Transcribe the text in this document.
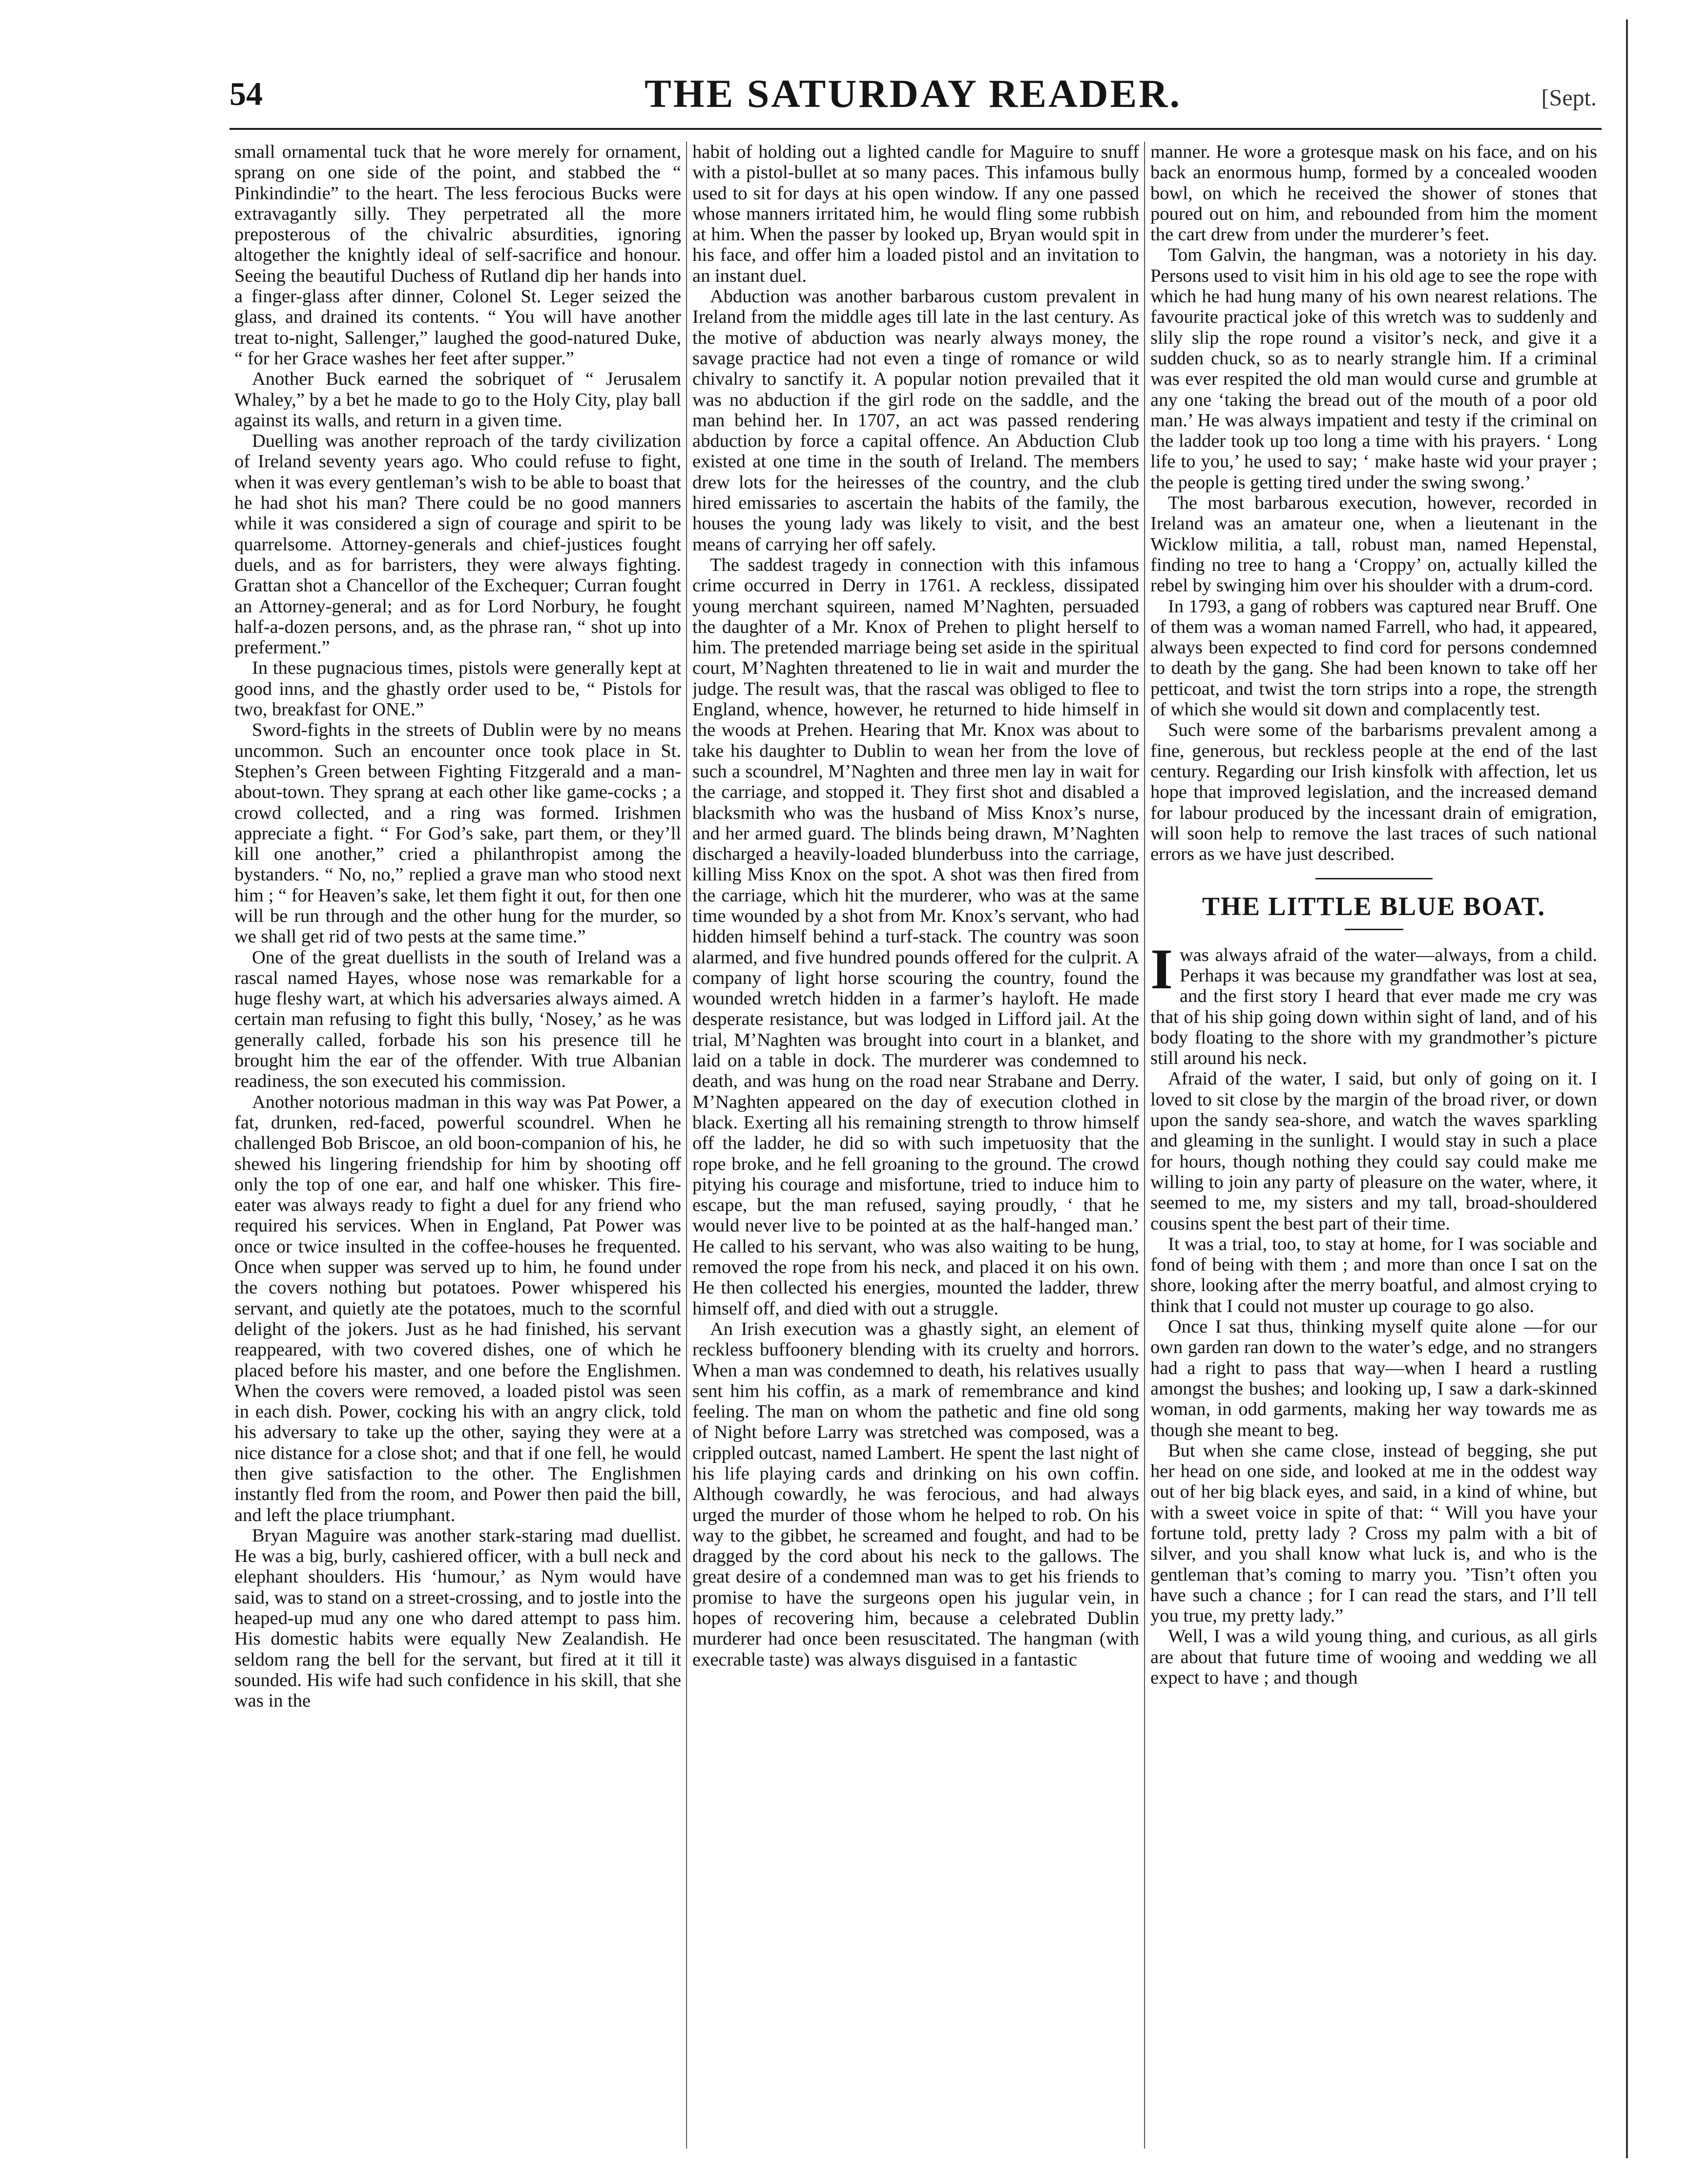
54	THE SATURDAY READER.	[Sept.

small ornamental tuck that he wore merely for ornament, sprang on one side of the point, and stabbed the “ Pinkindindie” to the heart. The less ferocious Bucks were extravagantly silly. They perpetrated all the more preposterous of the chivalric absurdities, ignoring altogether the knightly ideal of self-sacrifice and honour. Seeing the beautiful Duchess of Rutland dip her hands into a finger-glass after dinner, Colonel St. Leger seized the glass, and drained its contents. “ You will have another treat to-night, Sallenger,” laughed the good-natured Duke, “ for her Grace washes her feet after supper.”

Another Buck earned the sobriquet of “ Jerusalem Whaley,” by a bet he made to go to the Holy City, play ball against its walls, and return in a given time.

Duelling was another reproach of the tardy civilization of Ireland seventy years ago. Who could refuse to fight, when it was every gentleman’s wish to be able to boast that he had shot his man? There could be no good manners while it was considered a sign of courage and spirit to be quarrelsome. Attorney-generals and chief-justices fought duels, and as for barristers, they were always fighting. Grattan shot a Chancellor of the Exchequer; Curran fought an Attorney-general; and as for Lord Norbury, he fought half-a-dozen persons, and, as the phrase ran, “ shot up into preferment.”

In these pugnacious times, pistols were generally kept at good inns, and the ghastly order used to be, “ Pistols for two, breakfast for ONE.”

Sword-fights in the streets of Dublin were by no means uncommon. Such an encounter once took place in St. Stephen’s Green between Fighting Fitzgerald and a man-about-town. They sprang at each other like game-cocks ; a crowd collected, and a ring was formed. Irishmen appreciate a fight. “ For God’s sake, part them, or they’ll kill one another,” cried a philanthropist among the bystanders. “ No, no,” replied a grave man who stood next him ; “ for Heaven’s sake, let them fight it out, for then one will be run through and the other hung for the murder, so we shall get rid of two pests at the same time.”

One of the great duellists in the south of Ireland was a rascal named Hayes, whose nose was remarkable for a huge fleshy wart, at which his adversaries always aimed. A certain man refusing to fight this bully, ‘Nosey,’ as he was generally called, forbade his son his presence till he brought him the ear of the offender. With true Albanian readiness, the son executed his commission.

Another notorious madman in this way was Pat Power, a fat, drunken, red-faced, powerful scoundrel. When he challenged Bob Briscoe, an old boon-companion of his, he shewed his lingering friendship for him by shooting off only the top of one ear, and half one whisker. This fire-eater was always ready to fight a duel for any friend who required his services. When in England, Pat Power was once or twice insulted in the coffee-houses he frequented. Once when supper was served up to him, he found under the covers nothing but potatoes. Power whispered his servant, and quietly ate the potatoes, much to the scornful delight of the jokers. Just as he had finished, his servant reappeared, with two covered dishes, one of which he placed before his master, and one before the Englishmen. When the covers were removed, a loaded pistol was seen in each dish. Power, cocking his with an angry click, told his adversary to take up the other, saying they were at a nice distance for a close shot; and that if one fell, he would then give satisfaction to the other. The Englishmen instantly fled from the room, and Power then paid the bill, and left the place triumphant.

Bryan Maguire was another stark-staring mad duellist. He was a big, burly, cashiered officer, with a bull neck and elephant shoulders. His ‘humour,’ as Nym would have said, was to stand on a street-crossing, and to jostle into the heaped-up mud any one who dared attempt to pass him. His domestic habits were equally New Zealandish. He seldom rang the bell for the servant, but fired at it till it sounded. His wife had such confidence in his skill, that she was in the

habit of holding out a lighted candle for Maguire to snuff with a pistol-bullet at so many paces. This infamous bully used to sit for days at his open window. If any one passed whose manners irritated him, he would fling some rubbish at him. When the passer by looked up, Bryan would spit in his face, and offer him a loaded pistol and an invitation to an instant duel.

Abduction was another barbarous custom prevalent in Ireland from the middle ages till late in the last century. As the motive of abduction was nearly always money, the savage practice had not even a tinge of romance or wild chivalry to sanctify it. A popular notion prevailed that it was no abduction if the girl rode on the saddle, and the man behind her. In 1707, an act was passed rendering abduction by force a capital offence. An Abduction Club existed at one time in the south of Ireland. The members drew lots for the heiresses of the country, and the club hired emissaries to ascertain the habits of the family, the houses the young lady was likely to visit, and the best means of carrying her off safely.

The saddest tragedy in connection with this infamous crime occurred in Derry in 1761. A reckless, dissipated young merchant squireen, named M’Naghten, persuaded the daughter of a Mr. Knox of Prehen to plight herself to him. The pretended marriage being set aside in the spiritual court, M’Naghten threatened to lie in wait and murder the judge. The result was, that the rascal was obliged to flee to England, whence, however, he returned to hide himself in the woods at Prehen. Hearing that Mr. Knox was about to take his daughter to Dublin to wean her from the love of such a scoundrel, M’Naghten and three men lay in wait for the carriage, and stopped it. They first shot and disabled a blacksmith who was the husband of Miss Knox’s nurse, and her armed guard. The blinds being drawn, M’Naghten discharged a heavily-loaded blunderbuss into the carriage, killing Miss Knox on the spot. A shot was then fired from the carriage, which hit the murderer, who was at the same time wounded by a shot from Mr. Knox’s servant, who had hidden himself behind a turf-stack. The country was soon alarmed, and five hundred pounds offered for the culprit. A company of light horse scouring the country, found the wounded wretch hidden in a farmer’s hayloft. He made desperate resistance, but was lodged in Lifford jail. At the trial, M’Naghten was brought into court in a blanket, and laid on a table in dock. The murderer was condemned to death, and was hung on the road near Strabane and Derry. M’Naghten appeared on the day of execution clothed in black. Exerting all his remaining strength to throw himself off the ladder, he did so with such impetuosity that the rope broke, and he fell groaning to the ground. The crowd pitying his courage and misfortune, tried to induce him to escape, but the man refused, saying proudly, ‘ that he would never live to be pointed at as the half-hanged man.’ He called to his servant, who was also waiting to be hung, removed the rope from his neck, and placed it on his own. He then collected his energies, mounted the ladder, threw himself off, and died with out a struggle.

An Irish execution was a ghastly sight, an element of reckless buffoonery blending with its cruelty and horrors. When a man was condemned to death, his relatives usually sent him his coffin, as a mark of remembrance and kind feeling. The man on whom the pathetic and fine old song of Night before Larry was stretched was composed, was a crippled outcast, named Lambert. He spent the last night of his life playing cards and drinking on his own coffin. Although cowardly, he was ferocious, and had always urged the murder of those whom he helped to rob. On his way to the gibbet, he screamed and fought, and had to be dragged by the cord about his neck to the gallows. The great desire of a condemned man was to get his friends to promise to have the surgeons open his jugular vein, in hopes of recovering him, because a celebrated Dublin murderer had once been resuscitated. The hangman (with execrable taste) was always disguised in a fantastic

manner. He wore a grotesque mask on his face, and on his back an enormous hump, formed by a concealed wooden bowl, on which he received the shower of stones that poured out on him, and rebounded from him the moment the cart drew from under the murderer’s feet.

Tom Galvin, the hangman, was a notoriety in his day. Persons used to visit him in his old age to see the rope with which he had hung many of his own nearest relations. The favourite practical joke of this wretch was to suddenly and slily slip the rope round a visitor’s neck, and give it a sudden chuck, so as to nearly strangle him. If a criminal was ever respited the old man would curse and grumble at any one ‘taking the bread out of the mouth of a poor old man.’ He was always impatient and testy if the criminal on the ladder took up too long a time with his prayers. ‘ Long life to you,’ he used to say; ‘ make haste wid your prayer ; the people is getting tired under the swing swong.’

The most barbarous execution, however, recorded in Ireland was an amateur one, when a lieutenant in the Wicklow militia, a tall, robust man, named Hepenstal, finding no tree to hang a ‘Croppy’ on, actually killed the rebel by swinging him over his shoulder with a drum-cord.

In 1793, a gang of robbers was captured near Bruff. One of them was a woman named Farrell, who had, it appeared, always been expected to find cord for persons condemned to death by the gang. She had been known to take off her petticoat, and twist the torn strips into a rope, the strength of which she would sit down and complacently test.

Such were some of the barbarisms prevalent among a fine, generous, but reckless people at the end of the last century. Regarding our Irish kinsfolk with affection, let us hope that improved legislation, and the increased demand for labour produced by the incessant drain of emigration, will soon help to remove the last traces of such national errors as we have just described.

THE LITTLE BLUE BOAT.

Iwas always afraid of the water—always, from a child. Perhaps it was because my grandfather was lost at sea, and the first story I heard that ever made me cry was that of his ship going down within sight of land, and of his body floating to the shore with my grandmother’s picture still around his neck.

Afraid of the water, I said, but only of going on it. I loved to sit close by the margin of the broad river, or down upon the sandy sea-shore, and watch the waves sparkling and gleaming in the sunlight. I would stay in such a place for hours, though nothing they could say could make me willing to join any party of pleasure on the water, where, it seemed to me, my sisters and my tall, broad-shouldered cousins spent the best part of their time.

It was a trial, too, to stay at home, for I was sociable and fond of being with them ; and more than once I sat on the shore, looking after the merry boatful, and almost crying to think that I could not muster up courage to go also.

Once I sat thus, thinking myself quite alone —for our own garden ran down to the water’s edge, and no strangers had a right to pass that way—when I heard a rustling amongst the bushes; and looking up, I saw a dark-skinned woman, in odd garments, making her way towards me as though she meant to beg.

But when she came close, instead of begging, she put her head on one side, and looked at me in the oddest way out of her big black eyes, and said, in a kind of whine, but with a sweet voice in spite of that: “ Will you have your fortune told, pretty lady ? Cross my palm with a bit of silver, and you shall know what luck is, and who is the gentleman that’s coming to marry you. ’Tisn’t often you have such a chance ; for I can read the stars, and I’ll tell you true, my pretty lady.”

Well, I was a wild young thing, and curious, as all girls are about that future time of wooing and wedding we all expect to have ; and though
